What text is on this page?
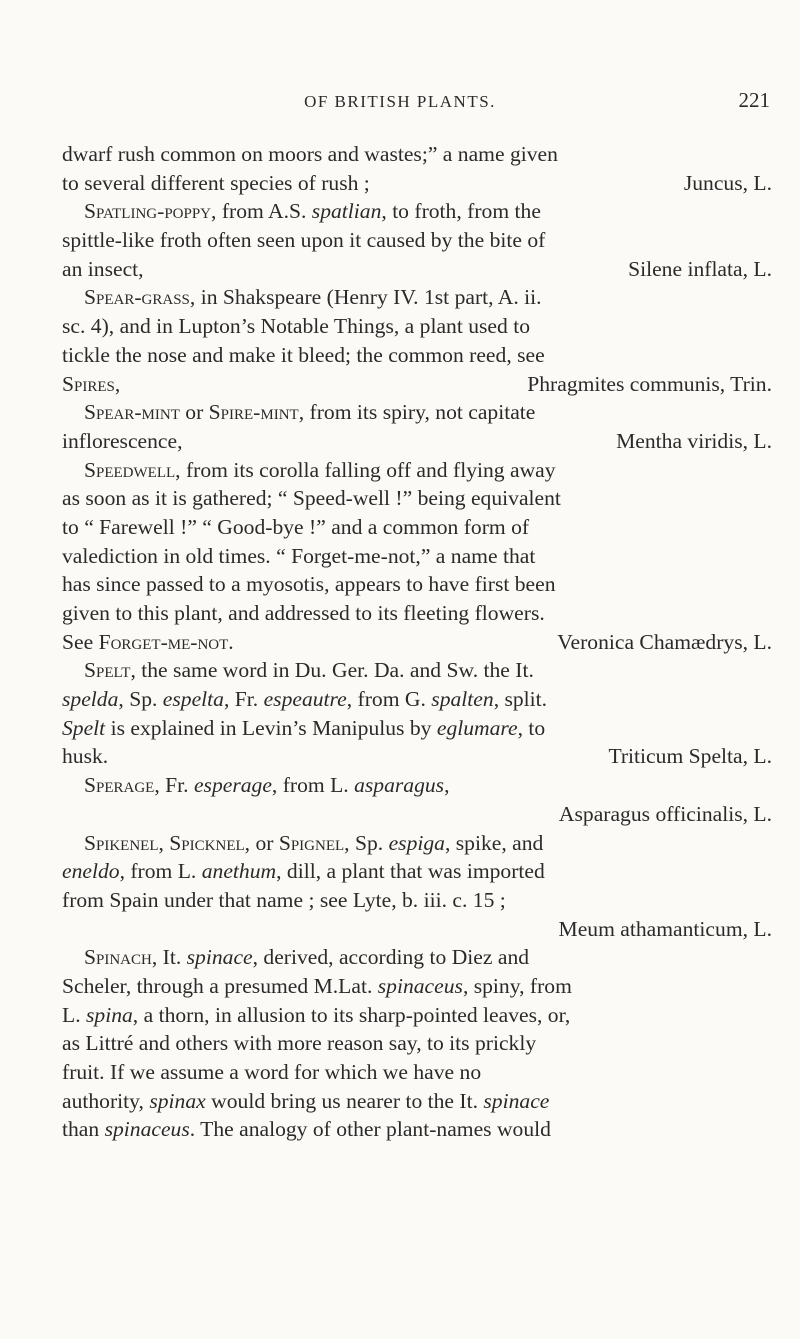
OF BRITISH PLANTS.	221
dwarf rush common on moors and wastes;” a name given
Juncus, L.
to several different species of rush ;
Spatling-poppy, from A.S. spatlian, to froth, from the
spittle-like froth often seen upon it caused by the bite of
Silene inflata, L.
an insect,
Spear-grass, in Shakspeare (Henry IV. 1st part, A. ii.
sc. 4), and in Lupton’s Notable Things, a plant used to
tickle the nose and make it bleed; the common reed, see
Phragmites communis, Trin.
Spires,
Spear-mint or Spire-mint, from its spiry, not capitate
Mentha viridis, L.
inflorescence,
Speedwell, from its corolla falling off and flying away
as soon as it is gathered; “ Speed-well !” being equivalent
to “ Farewell !” “ Good-bye !” and a common form of
valediction in old times. “ Forget-me-not,” a name that
has since passed to a myosotis, appears to have first been
given to this plant, and addressed to its fleeting flowers.
Veronica Chamædrys, L.
See Forget-me-not.
Spelt, the same word in Du. Ger. Da. and Sw. the It.
spelda, Sp. espelta, Fr. espeautre, from G. spalten, split.
Spelt is explained in Levin’s Manipulus by eglumare, to
Triticum Spelta, L.
husk.
Sperage, Fr. esperage, from L. asparagus,
Asparagus officinalis, L.
Spikenel, Spicknel, or Spignel, Sp. espiga, spike, and
eneldo, from L. anethum, dill, a plant that was imported
from Spain under that name ; see Lyte, b. iii. c. 15 ;
Meum athamanticum, L.
Spinach, It. spinace, derived, according to Diez and
Scheler, through a presumed M.Lat. spinaceus, spiny, from
L. spina, a thorn, in allusion to its sharp-pointed leaves, or,
as Littré and others with more reason say, to its prickly
fruit. If we assume a word for which we have no
authority, spinax would bring us nearer to the It. spinace
than spinaceus. The analogy of other plant-names would
